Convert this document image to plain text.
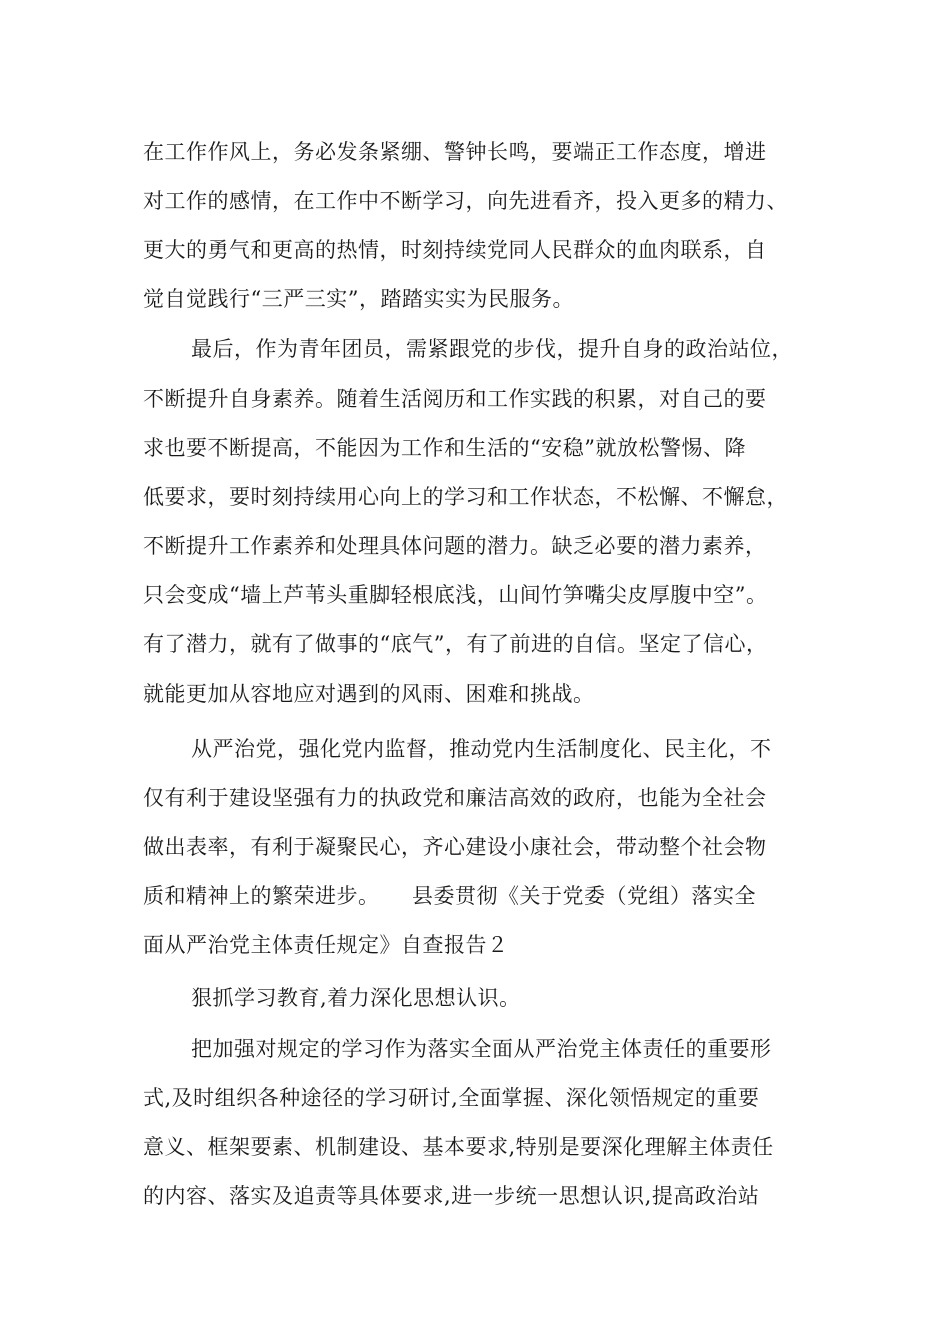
在工作作风上，务必发条紧绷、警钟长鸣，要端正工作态度，增进
对工作的感情，在工作中不断学习，向先进看齐，投入更多的精力、
更大的勇气和更高的热情，时刻持续党同人民群众的血肉联系，自
觉自觉践行“三严三实”，踏踏实实为民服务。
最后，作为青年团员，需紧跟党的步伐，提升自身的政治站位，
不断提升自身素养。随着生活阅历和工作实践的积累，对自己的要
求也要不断提高，不能因为工作和生活的“安稳”就放松警惕、降
低要求，要时刻持续用心向上的学习和工作状态，不松懈、不懈怠，
不断提升工作素养和处理具体问题的潜力。缺乏必要的潜力素养，
只会变成“墙上芦苇头重脚轻根底浅，山间竹笋嘴尖皮厚腹中空”。
有了潜力，就有了做事的“底气”，有了前进的自信。坚定了信心，
就能更加从容地应对遇到的风雨、困难和挑战。
从严治党，强化党内监督，推动党内生活制度化、民主化，不
仅有利于建设坚强有力的执政党和廉洁高效的政府，也能为全社会
做出表率，有利于凝聚民心，齐心建设小康社会，带动整个社会物
质和精神上的繁荣进步。　　县委贯彻《关于党委（党组）落实全
面从严治党主体责任规定》自查报告２
狠抓学习教育,着力深化思想认识。
把加强对规定的学习作为落实全面从严治党主体责任的重要形
式,及时组织各种途径的学习研讨,全面掌握、深化领悟规定的重要
意义、框架要素、机制建设、基本要求,特别是要深化理解主体责任
的内容、落实及追责等具体要求,进一步统一思想认识,提高政治站
